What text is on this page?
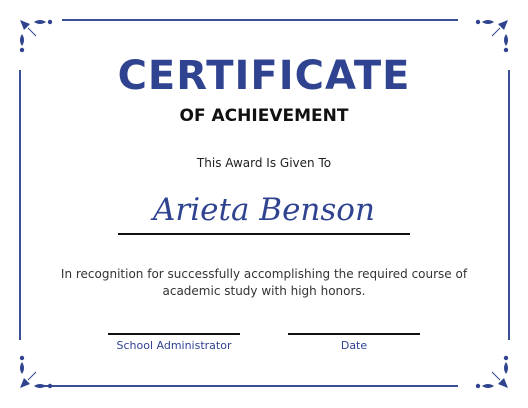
CERTIFICATE
OF ACHIEVEMENT
This Award Is Given To
Arieta Benson
In recognition for successfully accomplishing the required course of academic study with high honors.
School Administrator	Date
